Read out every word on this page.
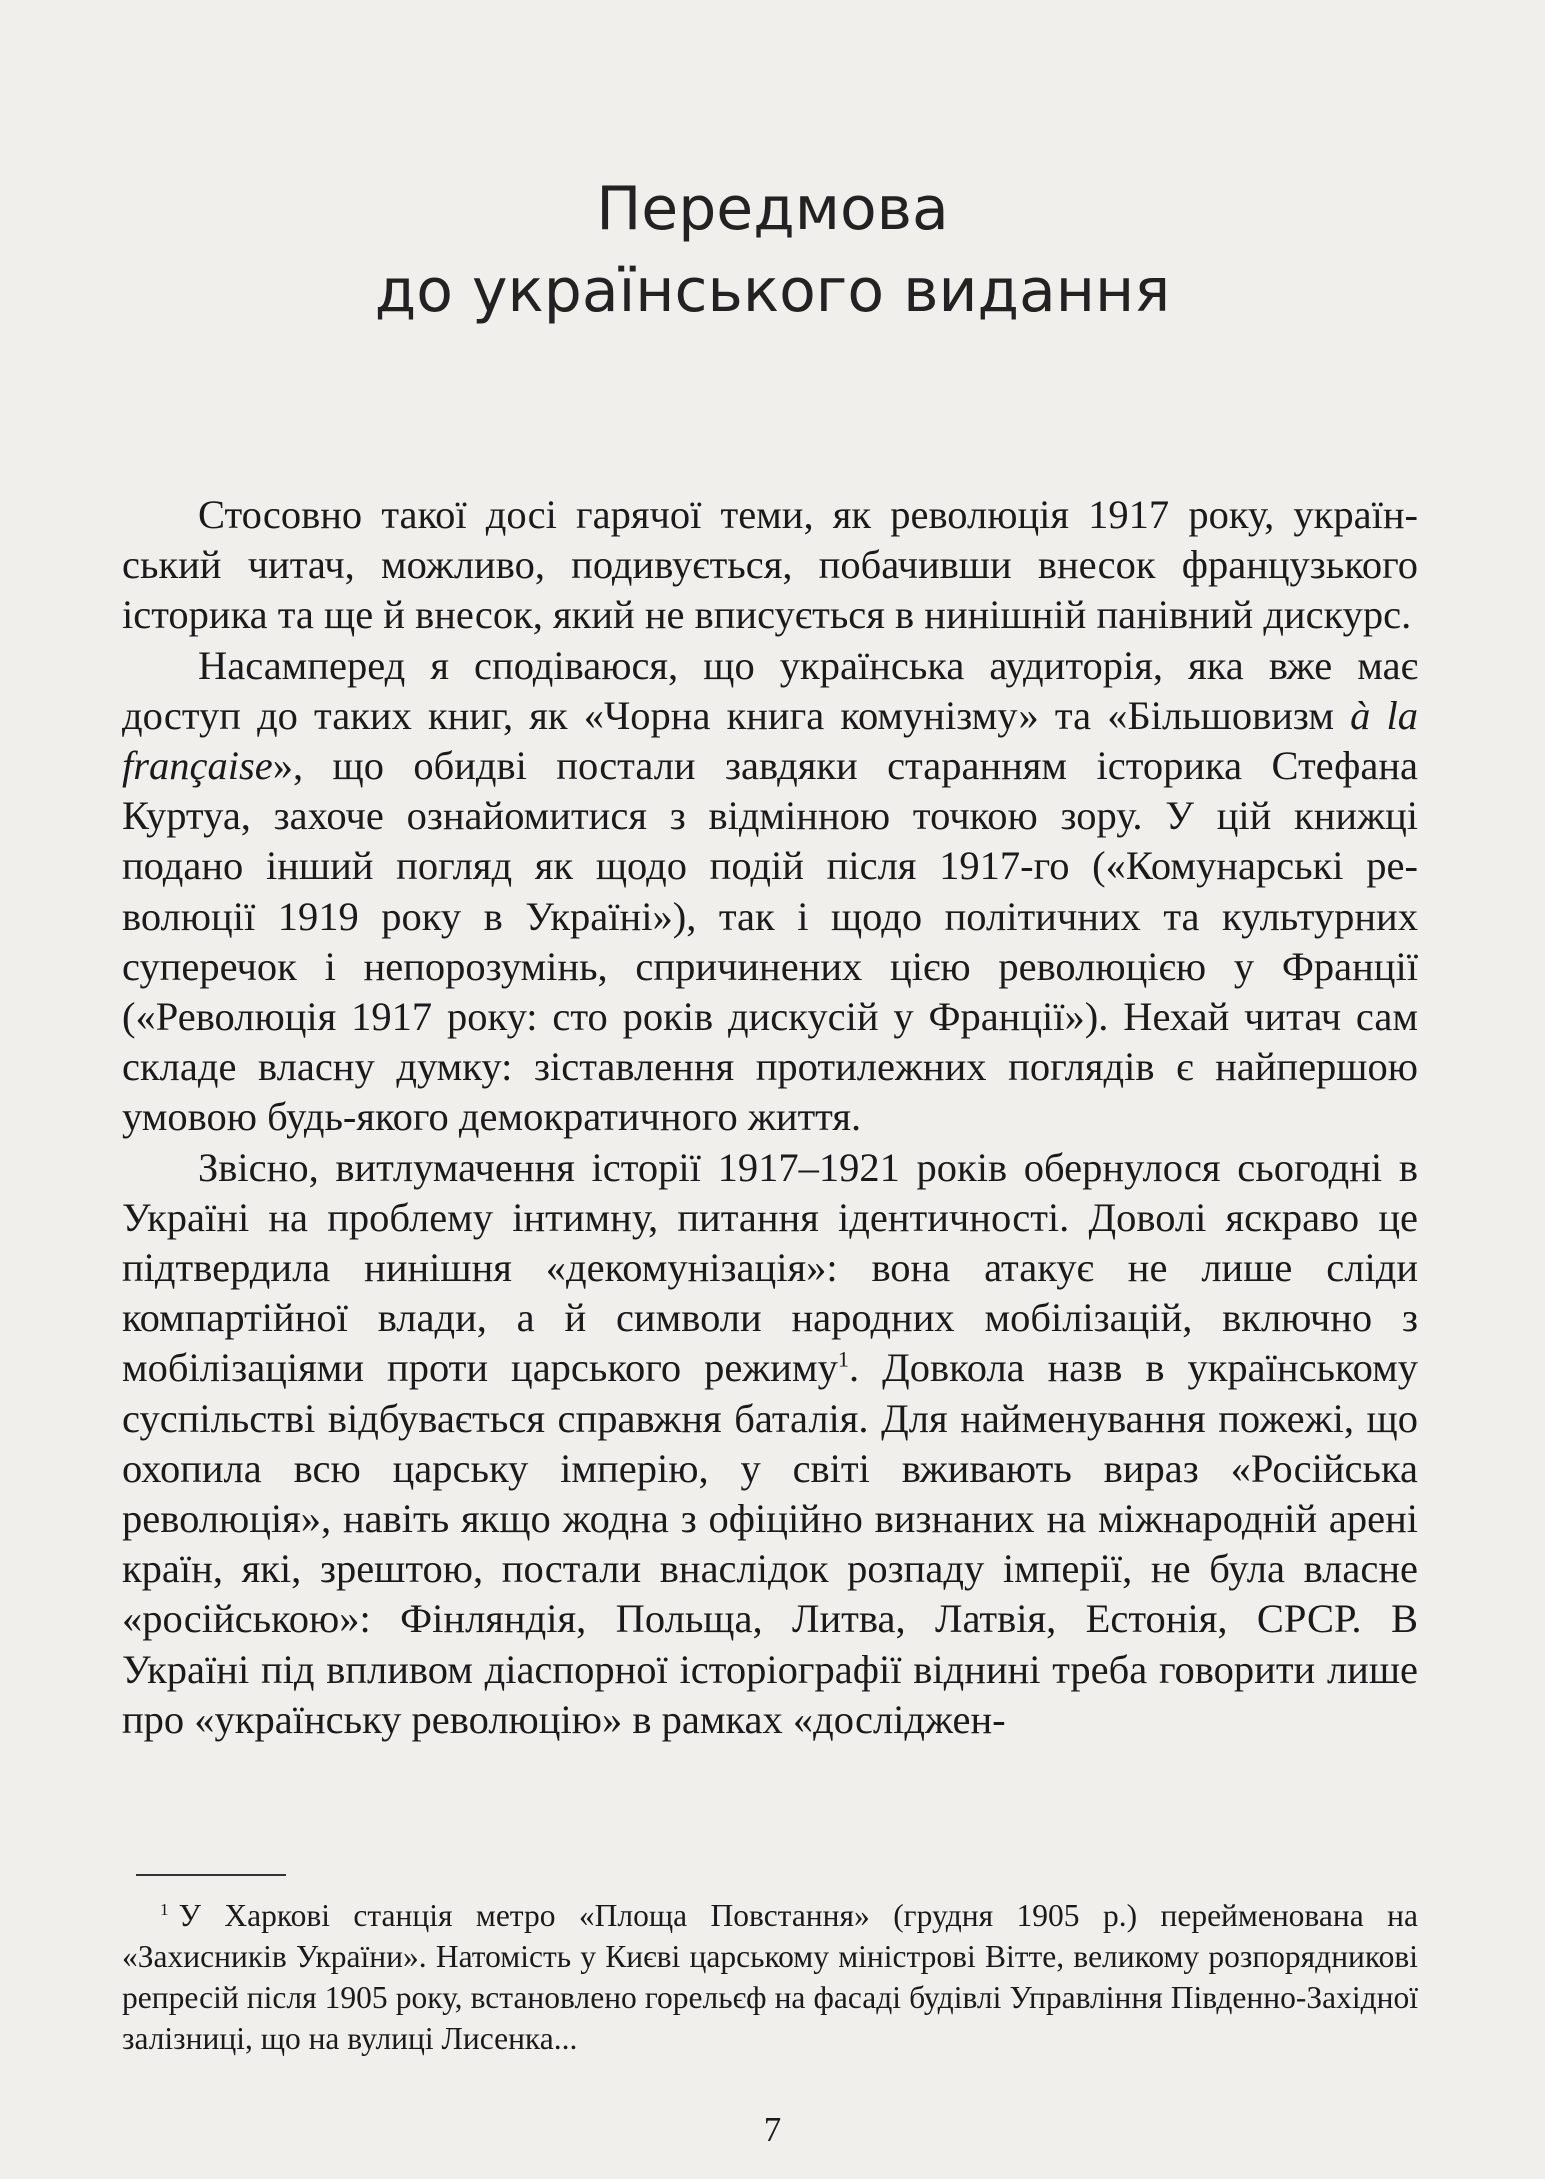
Передмова
до українського видання

Стосовно такої досі гарячої теми, як революція 1917 року, український читач, можливо, подивується, побачивши внесок французького історика та ще й внесок, який не вписується в нинішній панівний дискурс.

Насамперед я сподіваюся, що українська аудиторія, яка вже має доступ до таких книг, як «Чорна книга комунізму» та «Більшовизм à la française», що обидві постали завдяки старанням історика Стефана Куртуа, захоче ознайомитися з відмінною точкою зору. У цій книжці подано інший погляд як щодо подій після 1917-го («Комунарські революції 1919 року в Україні»), так і щодо політичних та культурних суперечок і непорозумінь, спричинених цією революцією у Франції («Революція 1917 року: сто років дискусій у Франції»). Нехай читач сам складе власну думку: зіставлення протилежних поглядів є найпершою умовою будь-якого демократичного життя.

Звісно, витлумачення історії 1917–1921 років обернулося сьогодні в Україні на проблему інтимну, питання ідентичності. Доволі яскраво це підтвердила нинішня «декомунізація»: вона атакує не лише сліди компартійної влади, а й символи народних мобілізацій, включно з мобілізаціями проти царського режиму$^1$. Довкола назв в українському суспільстві відбувається справжня баталія. Для найменування пожежі, що охопила всю царську імперію, у світі вживають вираз «Російська революція», навіть якщо жодна з офіційно визнаних на міжнародній арені країн, які, зрештою, постали внаслідок розпаду імперії, не була власне «російською»: Фінляндія, Польща, Литва, Латвія, Естонія, СРСР. В Україні під впливом діаспорної історіографії віднині треба говорити лише про «українську революцію» в рамках «досліджен-

$^1$ У Харкові станція метро «Площа Повстання» (грудня 1905 р.) перейменована на «Захисників України». Натомість у Києві царському міністрові Вітте, великому розпорядникові репресій після 1905 року, встановлено горельєф на фасаді будівлі Управління Південно-Західної залізниці, що на вулиці Лисенка...

7
